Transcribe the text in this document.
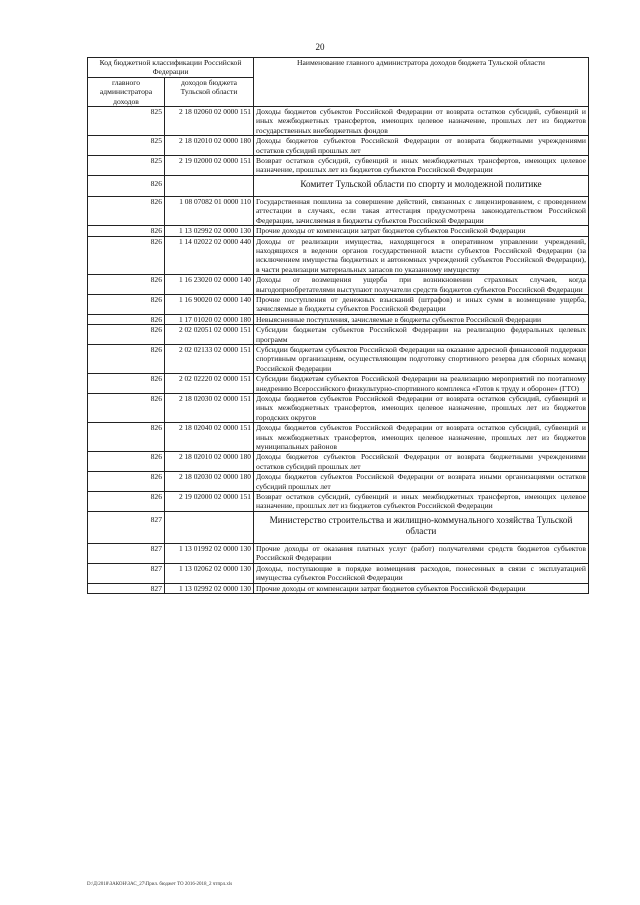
20
Код бюджетной классификации Российской Федерации		Наименование главного администратора доходов бюджета Тульской области
главного администратора доходов	доходов бюджета Тульской области	
825	2 18 02060 02 0000 151	Доходы бюджетов субъектов Российской Федерации от возврата остатков субсидий, субвенций и иных межбюджетных трансфертов, имеющих целевое назначение, прошлых лет из бюджетов государственных внебюджетных фондов
825	2 18 02010 02 0000 180	Доходы бюджетов субъектов Российской Федерации от возврата бюджетными учреждениями остатков субсидий прошлых лет
825	2 19 02000 02 0000 151	Возврат остатков субсидий, субвенций и иных межбюджетных трансфертов, имеющих целевое назначение, прошлых лет из бюджетов субъектов Российской Федерации
826		Комитет Тульской области по спорту и молодежной политике
826	1 08 07082 01 0000 110	Государственная пошлина за совершение действий, связанных с лицензированием, с проведением аттестации в случаях, если такая аттестация предусмотрена законодательством Российской Федерации, зачисляемая в бюджеты субъектов Российской Федерации
826	1 13 02992 02 0000 130	Прочие доходы от компенсации затрат бюджетов субъектов Российской Федерации
826	1 14 02022 02 0000 440	Доходы от реализации имущества, находящегося в оперативном управлении учреждений, находящихся в ведении органов государственной власти субъектов Российской Федерации (за исключением имущества бюджетных и автономных учреждений субъектов Российской Федерации), в части реализации материальных запасов по указанному имуществу
826	1 16 23020 02 0000 140	Доходы от возмещения ущерба при возникновении страховых случаев, когда выгодоприобретателями выступают получатели средств бюджетов субъектов Российской Федерации
826	1 16 90020 02 0000 140	Прочие поступления от денежных взысканий (штрафов) и иных сумм в возмещение ущерба, зачисляемые в бюджеты субъектов Российской Федерации
826	1 17 01020 02 0000 180	Невыясненные поступления, зачисляемые в бюджеты субъектов Российской Федерации
826	2 02 02051 02 0000 151	Субсидии бюджетам субъектов Российской Федерации на реализацию федеральных целевых программ
826	2 02 02133 02 0000 151	Субсидии бюджетам субъектов Российской Федерации на оказание адресной финансовой поддержки спортивным организациям, осуществляющим подготовку спортивного резерва для сборных команд Российской Федерации
826	2 02 02220 02 0000 151	Субсидии бюджетам субъектов Российской Федерации на реализацию мероприятий по поэтапному внедрению Всероссийского физкультурно-спортивного комплекса «Готов к труду и обороне» (ГТО)
826	2 18 02030 02 0000 151	Доходы бюджетов субъектов Российской Федерации от возврата остатков субсидий, субвенций и иных межбюджетных трансфертов, имеющих целевое назначение, прошлых лет из бюджетов городских округов
826	2 18 02040 02 0000 151	Доходы бюджетов субъектов Российской Федерации от возврата остатков субсидий, субвенций и иных межбюджетных трансфертов, имеющих целевое назначение, прошлых лет из бюджетов муниципальных районов
826	2 18 02010 02 0000 180	Доходы бюджетов субъектов Российской Федерации от возврата бюджетными учреждениями остатков субсидий прошлых лет
826	2 18 02030 02 0000 180	Доходы бюджетов субъектов Российской Федерации от возврата иными организациями остатков субсидий прошлых лет
826	2 19 02000 02 0000 151	Возврат остатков субсидий, субвенций и иных межбюджетных трансфертов, имеющих целевое назначение, прошлых лет из бюджетов субъектов Российской Федерации
827		Министерство строительства и жилищно-коммунального хозяйства Тульской области
827	1 13 01992 02 0000 130	Прочие доходы от оказания платных услуг (работ) получателями средств бюджетов субъектов Российской Федерации
827	1 13 02062 02 0000 130	Доходы, поступающие в порядке возмещения расходов, понесенных в связи с эксплуатацией имущества субъектов Российской Федерации
827	1 13 02992 02 0000 130	Прочие доходы от компенсации затрат бюджетов субъектов Российской Федерации
D:\Д\2018\ЗАКОН\ЗАС_27\Прил. бюджет ТО 2016-2018_2 чтпрл.xls
